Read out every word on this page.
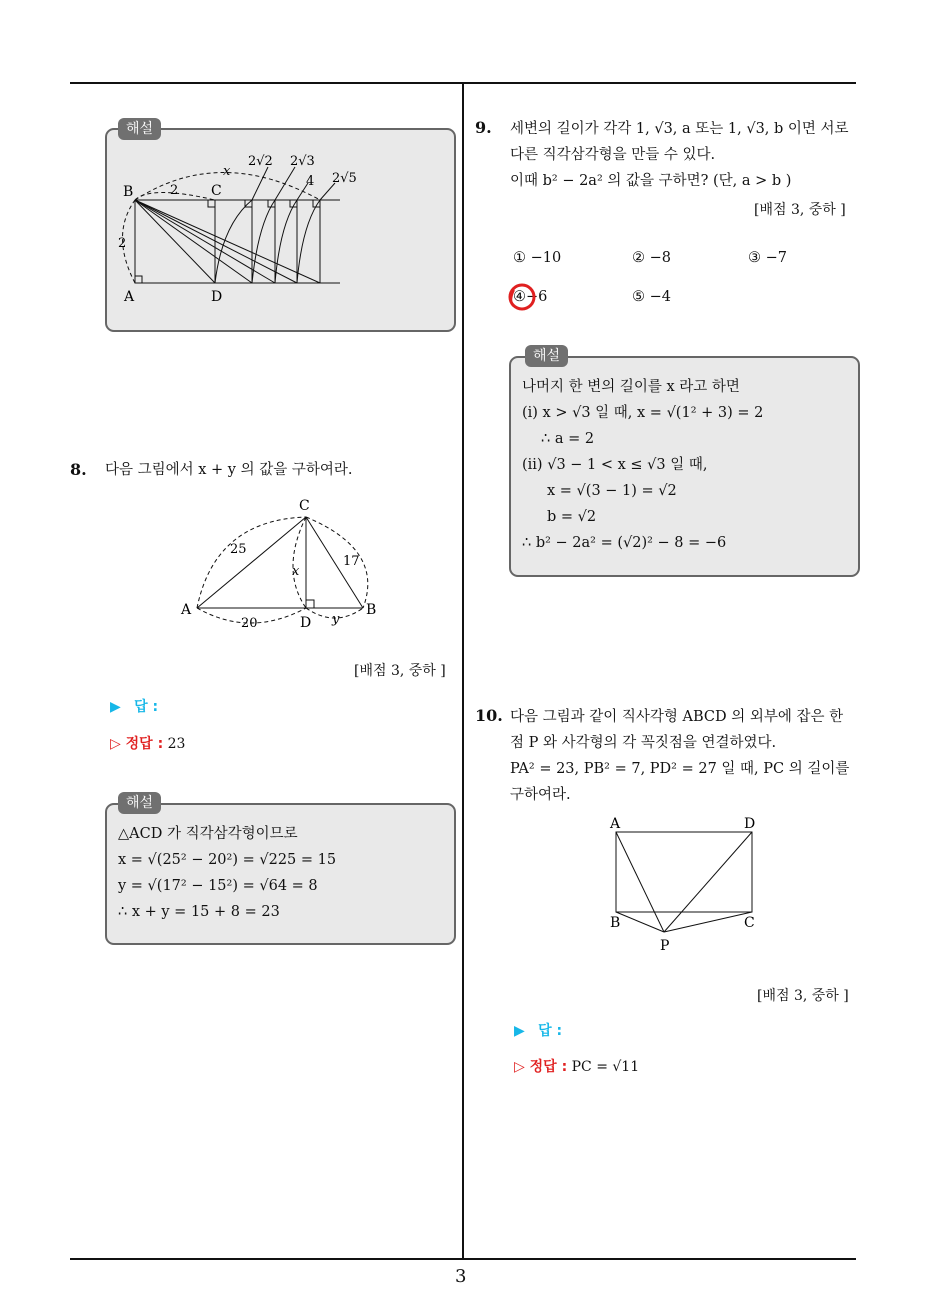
3
해설
B	C
A	D
2
2
x
2√2 2√3
4 2√5
8. 다음 그림에서 x + y 의 값을 구하여라.
C
A
D
B
25
17
20
x
y
[배점 3, 중하 ]
▶ 답 :
▷ 정답 : 23
해설
△ACD 가 직각삼각형이므로
x = √(25² − 20²) = √225 = 15
y = √(17² − 15²) = √64 = 8
∴ x + y = 15 + 8 = 23
9. 세변의 길이가 각각 1, √3, a 또는 1, √3, b 이면 서로
다른 직각삼각형을 만들 수 있다.
이때 b² − 2a² 의 값을 구하면? (단, a > b )
[배점 3, 중하 ]
① −10	② −8	③ −7
④−6	⑤ −4
해설
나머지 한 변의 길이를 x 라고 하면
(i) x > √3 일 때, x = √(1² + 3) = 2
∴ a = 2
(ii) √3 − 1 < x ≤ √3 일 때,
x = √(3 − 1) = √2
b = √2
∴ b² − 2a² = (√2)² − 8 = −6
10. 다음 그림과 같이 직사각형 ABCD 의 외부에 잡은 한
점 P 와 사각형의 각 꼭짓점을 연결하였다.
PA² = 23, PB² = 7, PD² = 27 일 때, PC 의 길이를
구하여라.
A	D
B	C
P
[배점 3, 중하 ]
▶ 답 :
▷ 정답 : PC = √11
